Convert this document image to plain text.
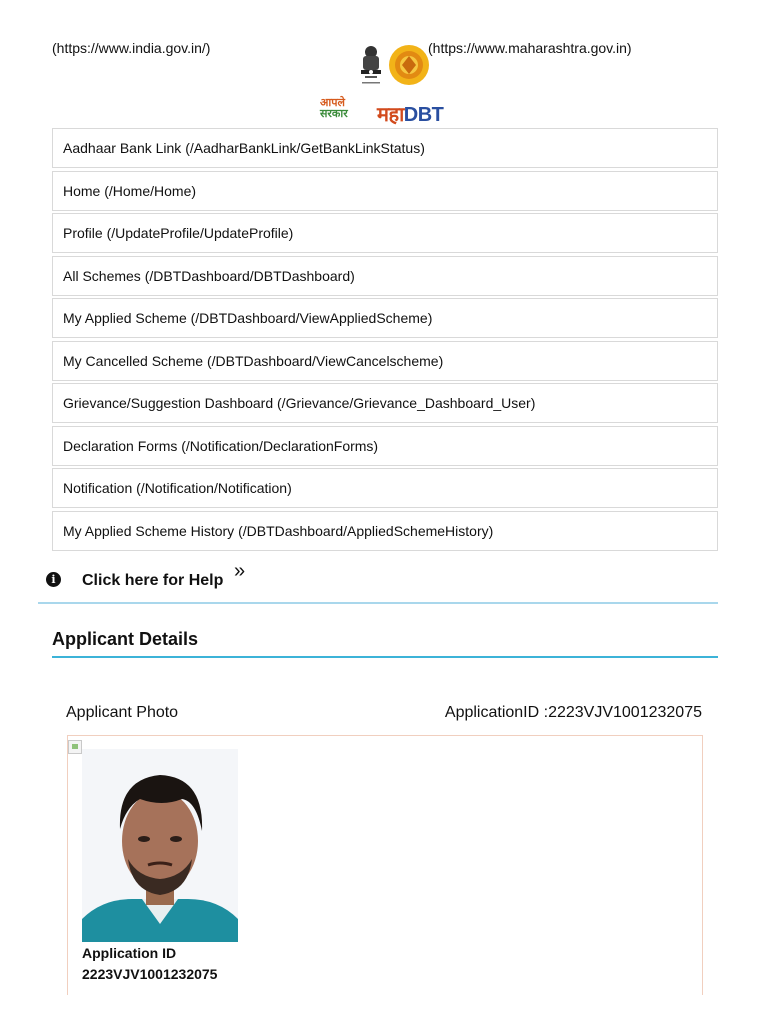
(https://www.india.gov.in/)	(https://www.maharashtra.gov.in)
आपले
सरकार महाDBT
Aadhaar Bank Link (/AadharBankLink/GetBankLinkStatus)
Home (/Home/Home)
Profile (/UpdateProfile/UpdateProfile)
All Schemes (/DBTDashboard/DBTDashboard)
My Applied Scheme (/DBTDashboard/ViewAppliedScheme)
My Cancelled Scheme (/DBTDashboard/ViewCancelscheme)
Grievance/Suggestion Dashboard (/Grievance/Grievance_Dashboard_User)
Declaration Forms (/Notification/DeclarationForms)
Notification (/Notification/Notification)
My Applied Scheme History (/DBTDashboard/AppliedSchemeHistory)
i	Click here for Help »
Applicant Details
Applicant Photo	ApplicationID :2223VJV1001232075
Application ID
2223VJV1001232075
